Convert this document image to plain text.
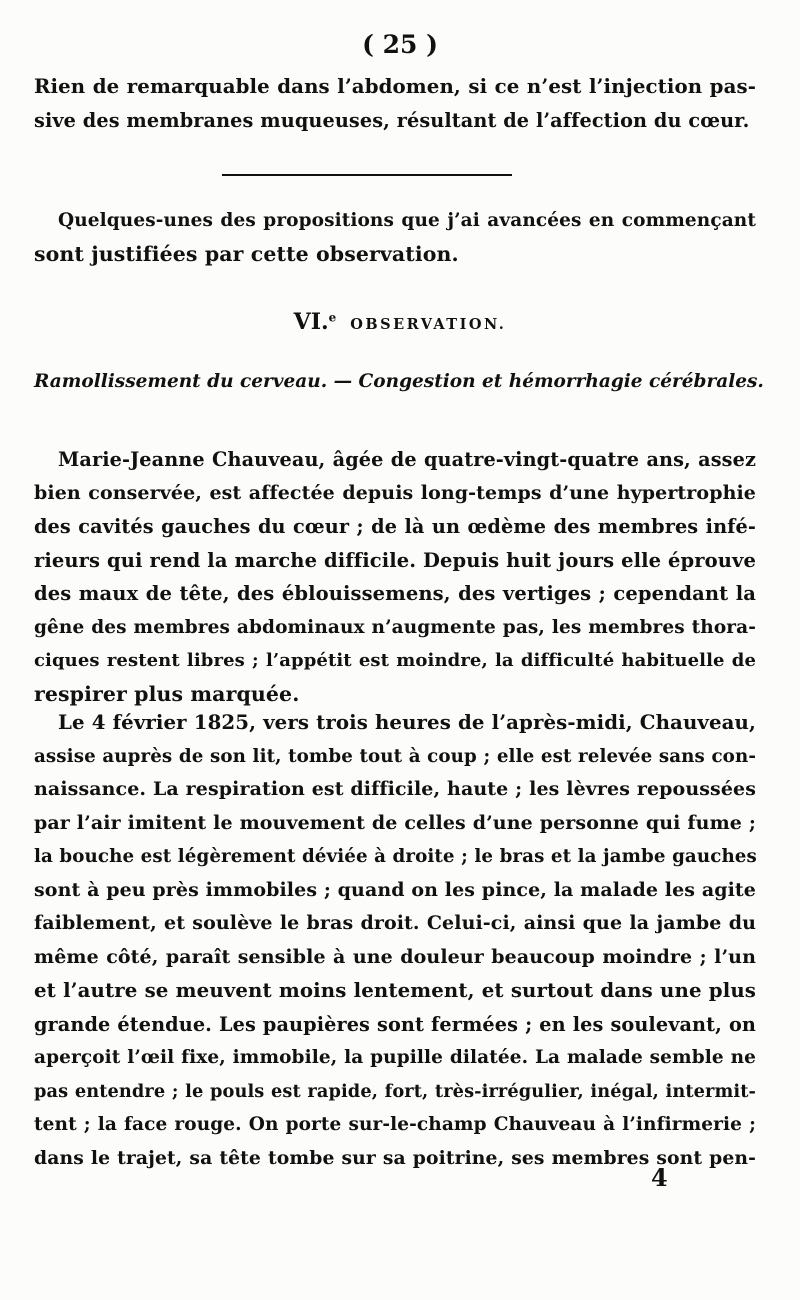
( 25 )
Rien de remarquable dans l’abdomen, si ce n’est l’injection pas-
sive des membranes muqueuses, résultant de l’affection du cœur.
Quelques-unes des propositions que j’ai avancées en commençant
sont justifiées par cette observation.
VI.$^e$ OBSERVATION.
Ramollissement du cerveau. — Congestion et hémorrhagie cérébrales.
Marie-Jeanne Chauveau, âgée de quatre-vingt-quatre ans, assez
bien conservée, est affectée depuis long-temps d’une hypertrophie
des cavités gauches du cœur ; de là un œdème des membres infé-
rieurs qui rend la marche difficile. Depuis huit jours elle éprouve
des maux de tête, des éblouissemens, des vertiges ; cependant la
gêne des membres abdominaux n’augmente pas, les membres thora-
ciques restent libres ; l’appétit est moindre, la difficulté habituelle de
respirer plus marquée.
Le 4 février 1825, vers trois heures de l’après-midi, Chauveau,
assise auprès de son lit, tombe tout à coup ; elle est relevée sans con-
naissance. La respiration est difficile, haute ; les lèvres repoussées
par l’air imitent le mouvement de celles d’une personne qui fume ;
la bouche est légèrement déviée à droite ; le bras et la jambe gauches
sont à peu près immobiles ; quand on les pince, la malade les agite
faiblement, et soulève le bras droit. Celui-ci, ainsi que la jambe du
même côté, paraît sensible à une douleur beaucoup moindre ; l’un
et l’autre se meuvent moins lentement, et surtout dans une plus
grande étendue. Les paupières sont fermées ; en les soulevant, on
aperçoit l’œil fixe, immobile, la pupille dilatée. La malade semble ne
pas entendre ; le pouls est rapide, fort, très-irrégulier, inégal, intermit-
tent ; la face rouge. On porte sur-le-champ Chauveau à l’infirmerie ;
dans le trajet, sa tête tombe sur sa poitrine, ses membres sont pen-
4
